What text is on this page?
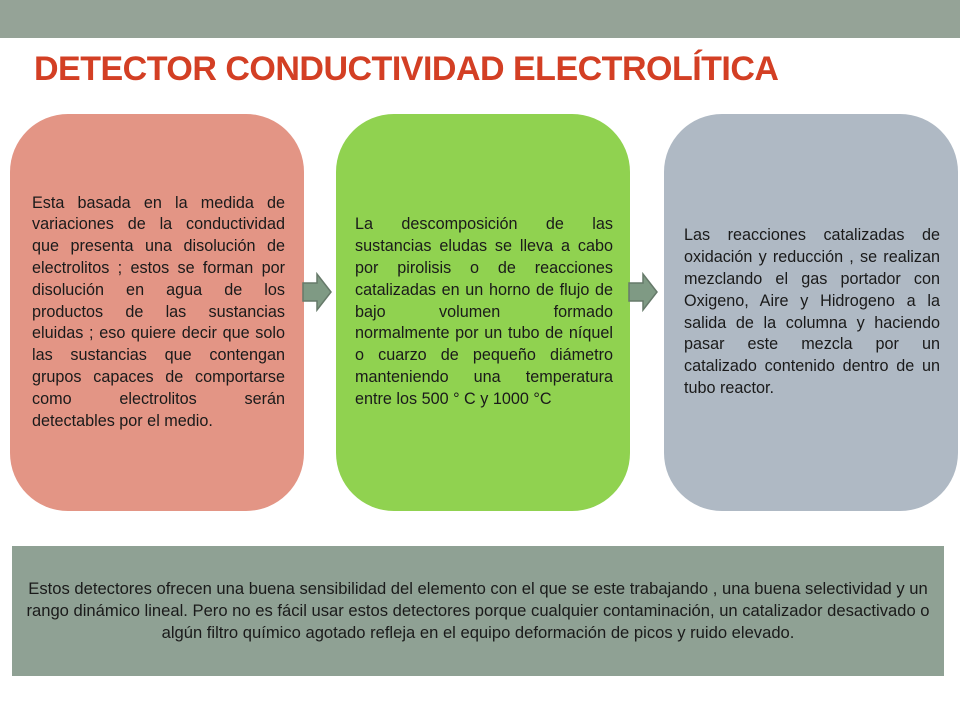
DETECTOR CONDUCTIVIDAD ELECTROLÍTICA

Esta basada en la medida de variaciones de la conductividad que presenta una disolución de electrolitos ; estos se forman por disolución en agua de los productos de las sustancias eluidas ; eso quiere decir que solo las sustancias que contengan grupos capaces de comportarse como electrolitos serán detectables por el medio.

La descomposición de las sustancias eludas se lleva a cabo por pirolisis o de reacciones catalizadas en un horno de flujo de bajo volumen formado normalmente por un tubo de níquel o cuarzo de pequeño diámetro manteniendo una temperatura entre los 500 ° C y 1000 °C

Las reacciones catalizadas de oxidación y reducción , se realizan mezclando el gas portador con Oxigeno, Aire y Hidrogeno a la salida de la columna y haciendo pasar este mezcla por un catalizado contenido dentro de un tubo reactor.

Estos detectores ofrecen una buena sensibilidad del elemento con el que se este trabajando , una buena selectividad y un rango dinámico lineal. Pero no es fácil usar estos detectores porque cualquier contaminación, un catalizador desactivado o algún filtro químico agotado refleja en el equipo deformación de picos y ruido elevado.
